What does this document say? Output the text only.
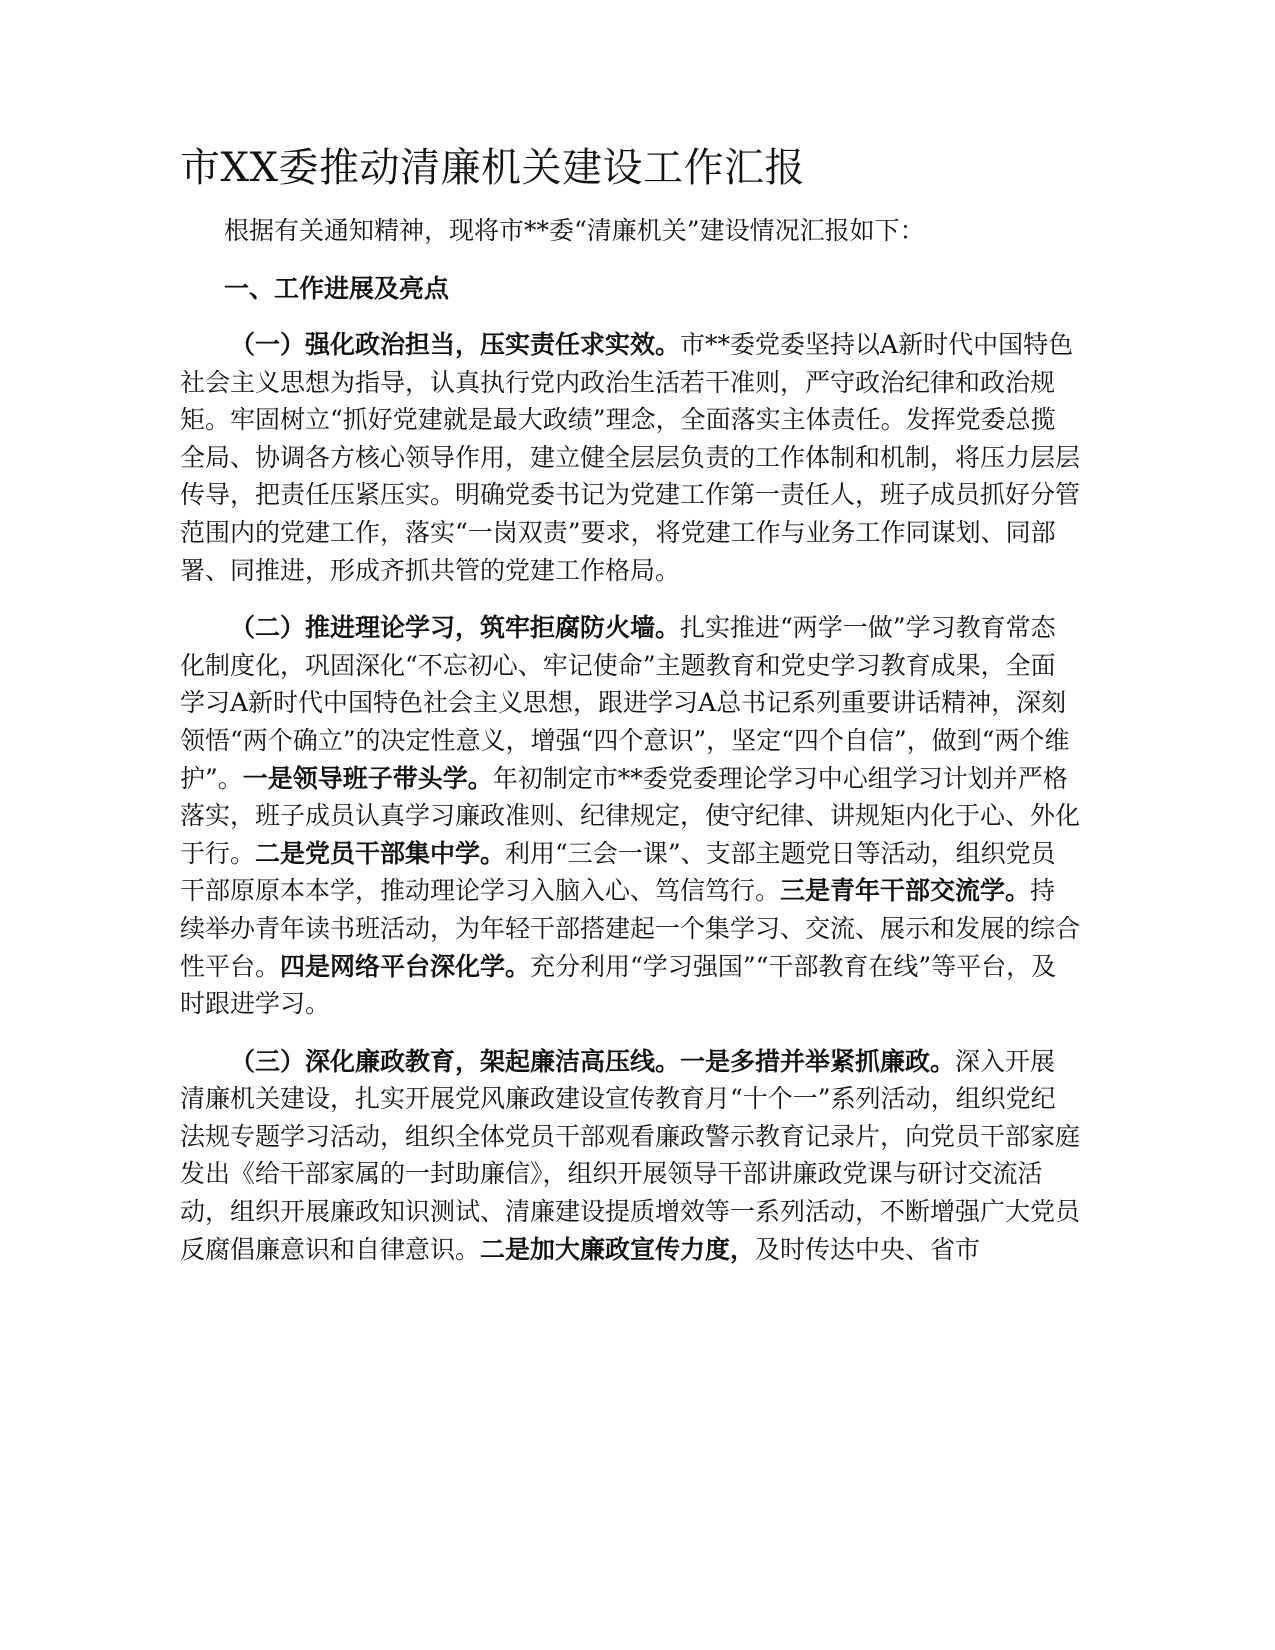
市XX委推动清廉机关建设工作汇报

根据有关通知精神，现将市**委“清廉机关”建设情况汇报如下：

一、工作进展及亮点

（一）强化政治担当，压实责任求实效。市**委党委坚持以A新时代中国特色社会主义思想为指导，认真执行党内政治生活若干准则，严守政治纪律和政治规矩。牢固树立“抓好党建就是最大政绩”理念，全面落实主体责任。发挥党委总揽全局、协调各方核心领导作用，建立健全层层负责的工作体制和机制，将压力层层传导，把责任压紧压实。明确党委书记为党建工作第一责任人，班子成员抓好分管范围内的党建工作，落实“一岗双责”要求，将党建工作与业务工作同谋划、同部署、同推进，形成齐抓共管的党建工作格局。

（二）推进理论学习，筑牢拒腐防火墙。扎实推进“两学一做”学习教育常态化制度化，巩固深化“不忘初心、牢记使命”主题教育和党史学习教育成果，全面学习A新时代中国特色社会主义思想，跟进学习A总书记系列重要讲话精神，深刻领悟“两个确立”的决定性意义，增强“四个意识”，坚定“四个自信”，做到“两个维护”。一是领导班子带头学。年初制定市**委党委理论学习中心组学习计划并严格落实，班子成员认真学习廉政准则、纪律规定，使守纪律、讲规矩内化于心、外化于行。二是党员干部集中学。利用“三会一课”、支部主题党日等活动，组织党员干部原原本本学，推动理论学习入脑入心、笃信笃行。三是青年干部交流学。持续举办青年读书班活动，为年轻干部搭建起一个集学习、交流、展示和发展的综合性平台。四是网络平台深化学。充分利用“学习强国”“干部教育在线”等平台，及时跟进学习。

（三）深化廉政教育，架起廉洁高压线。一是多措并举紧抓廉政。深入开展清廉机关建设，扎实开展党风廉政建设宣传教育月“十个一”系列活动，组织党纪法规专题学习活动，组织全体党员干部观看廉政警示教育记录片，向党员干部家庭发出《给干部家属的一封助廉信》，组织开展领导干部讲廉政党课与研讨交流活动，组织开展廉政知识测试、清廉建设提质增效等一系列活动，不断增强广大党员反腐倡廉意识和自律意识。二是加大廉政宣传力度，及时传达中央、省市
